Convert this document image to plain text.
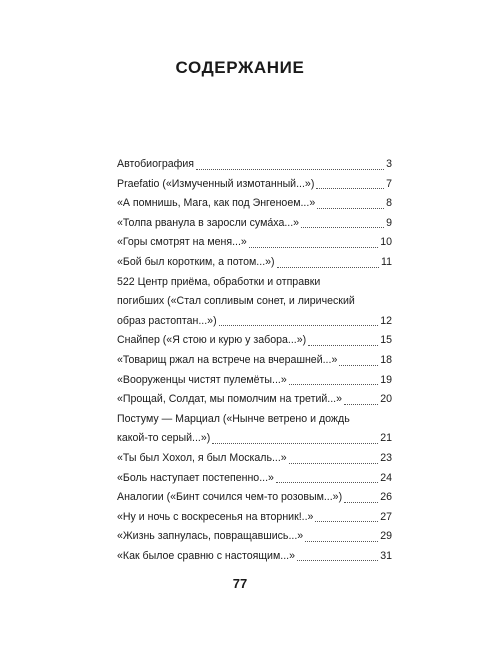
СОДЕРЖАНИЕ
Автобиография	3
Praefatio («Измученный измотанный...»)	7
«А помнишь, Мага, как под Энгеноем...»	8
«Толпа рванула в заросли сума́ха...»	9
«Горы смотрят на меня...»	10
«Бой был коротким, а потом...»)	11
522 Центр приёма, обработки и отправки
погибших («Стал сопливым сонет, и лирический
образ растоптан...»)	12
Снайпер («Я стою и курю у забора...»)	15
«Товарищ ржал на встрече на вчерашней...»	18
«Вооруженцы чистят пулемёты...»	19
«Прощай, Солдат, мы помолчим на третий...»	20
Постуму — Марциал («Нынче ветрено и дождь
какой-то серый...»)	21
«Ты был Хохол, я был Москаль...»	23
«Боль наступает постепенно...»	24
Аналогии («Бинт сочился чем-то розовым...»)	26
«Ну и ночь с воскресенья на вторник!..»	27
«Жизнь запнулась, повращавшись...»	29
«Как былое сравню с настоящим...»	31
77
